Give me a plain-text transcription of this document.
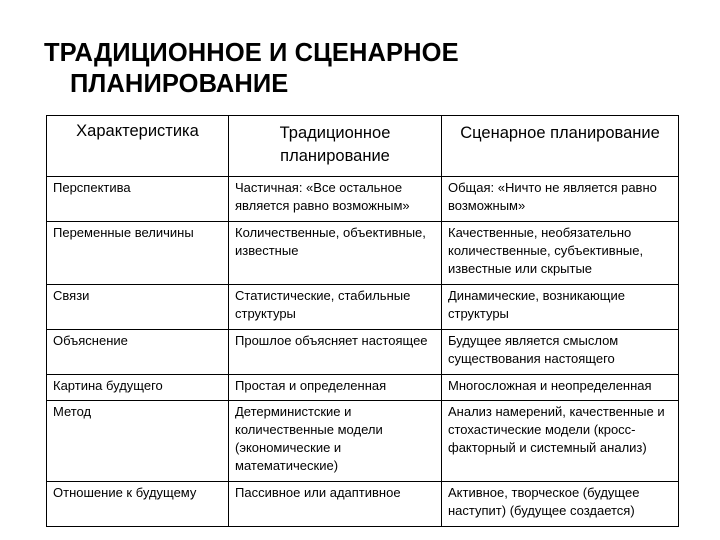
ТРАДИЦИОННОЕ И СЦЕНАРНОЕ
ПЛАНИРОВАНИЕ
Характеристика	Традиционное планирование	Сценарное планирование
Перспектива	Частичная: «Все остальное является равно возможным»	Общая: «Ничто не является равно возможным»
Переменные величины	Количественные, объективные, известные	Качественные, необязательно количественные, субъективные, известные или скрытые
Связи	Статистические, стабильные структуры	Динамические, возникающие структуры
Объяснение	Прошлое объясняет настоящее	Будущее является смыслом существования настоящего
Картина будущего	Простая и определенная	Многосложная и неопределенная
Метод	Детерминистские и количественные модели (экономические и математические)	Анализ намерений, качественные и стохастические модели (кросс-факторный и системный анализ)
Отношение к будущему	Пассивное или адаптивное	Активное, творческое (будущее наступит) (будущее создается)
